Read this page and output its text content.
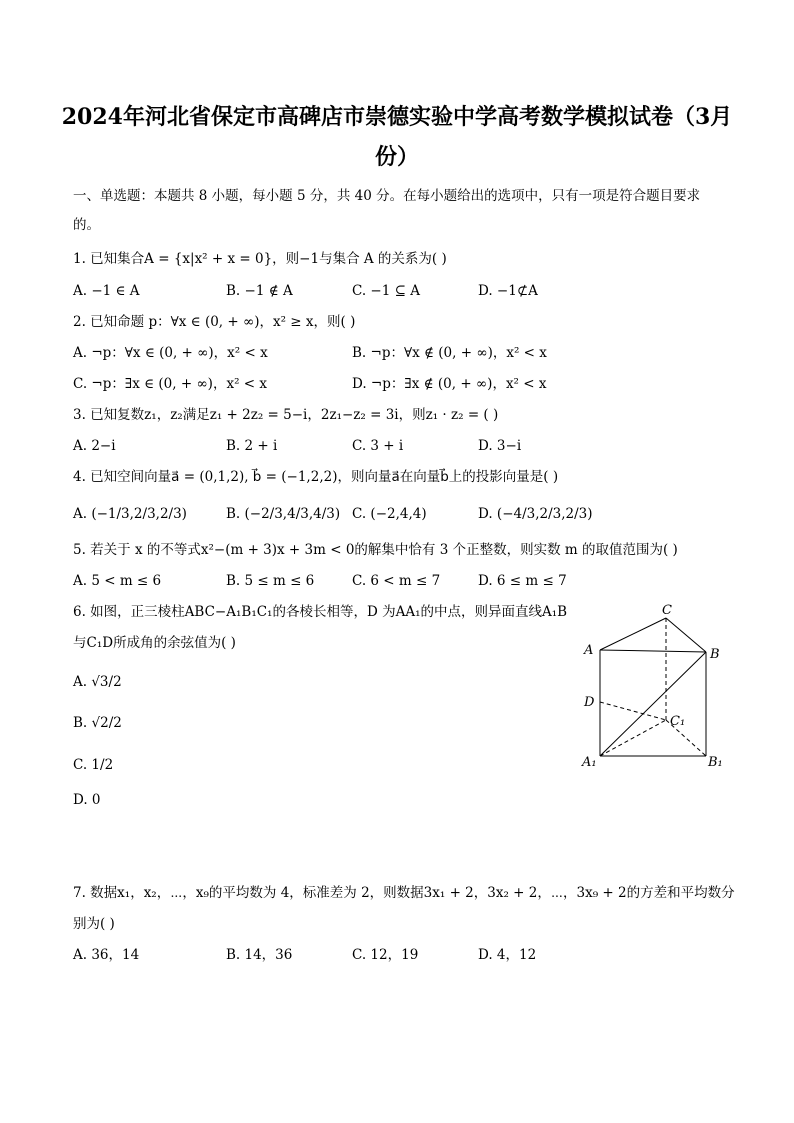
2024年河北省保定市高碑店市崇德实验中学高考数学模拟试卷（3月
份）
一、单选题：本题共 8 小题，每小题 5 分，共 40 分。在每小题给出的选项中，只有一项是符合题目要求
的。
1. 已知集合A = {x|x² + x = 0}，则−1与集合 A 的关系为( )
A. −1 ∈ A	B. −1 ∉ A	C. −1 ⊆ A	D. −1⊄A
2. 已知命题 p：∀x ∈ (0, + ∞)，x² ≥ x，则( )
A. ¬p：∀x ∈ (0, + ∞)，x² < x	B. ¬p：∀x ∉ (0, + ∞)，x² < x
C. ¬p：∃x ∈ (0, + ∞)，x² < x	D. ¬p：∃x ∉ (0, + ∞)，x² < x
3. 已知复数z₁，z₂满足z₁ + 2z₂ = 5−i，2z₁−z₂ = 3i，则z₁ · z₂ = ( )
A. 2−i	B. 2 + i	C. 3 + i	D. 3−i
4. 已知空间向量a⃗ = (0,1,2), b⃗ = (−1,2,2)，则向量a⃗在向量b⃗上的投影向量是( )
A. (−1/3,2/3,2/3)	B. (−2/3,4/3,4/3) C. (−2,4,4)	D. (−4/3,2/3,2/3)
5. 若关于 x 的不等式x²−(m + 3)x + 3m < 0的解集中恰有 3 个正整数，则实数 m 的取值范围为( )
A. 5 < m ≤ 6	B. 5 ≤ m ≤ 6	C. 6 < m ≤ 7	D. 6 ≤ m ≤ 7
6. 如图，正三棱柱ABC−A₁B₁C₁的各棱长相等，D 为AA₁的中点，则异面直线A₁B
与C₁D所成角的余弦值为( )
A. √3/2
B. √2/2
C. 1/2
D. 0
C
A	B
D
C₁
A₁	B₁
7. 数据x₁，x₂，⋯，x₉的平均数为 4，标准差为 2，则数据3x₁ + 2，3x₂ + 2，⋯，3x₉ + 2的方差和平均数分
别为( )
A. 36，14	B. 14，36	C. 12，19	D. 4，12
